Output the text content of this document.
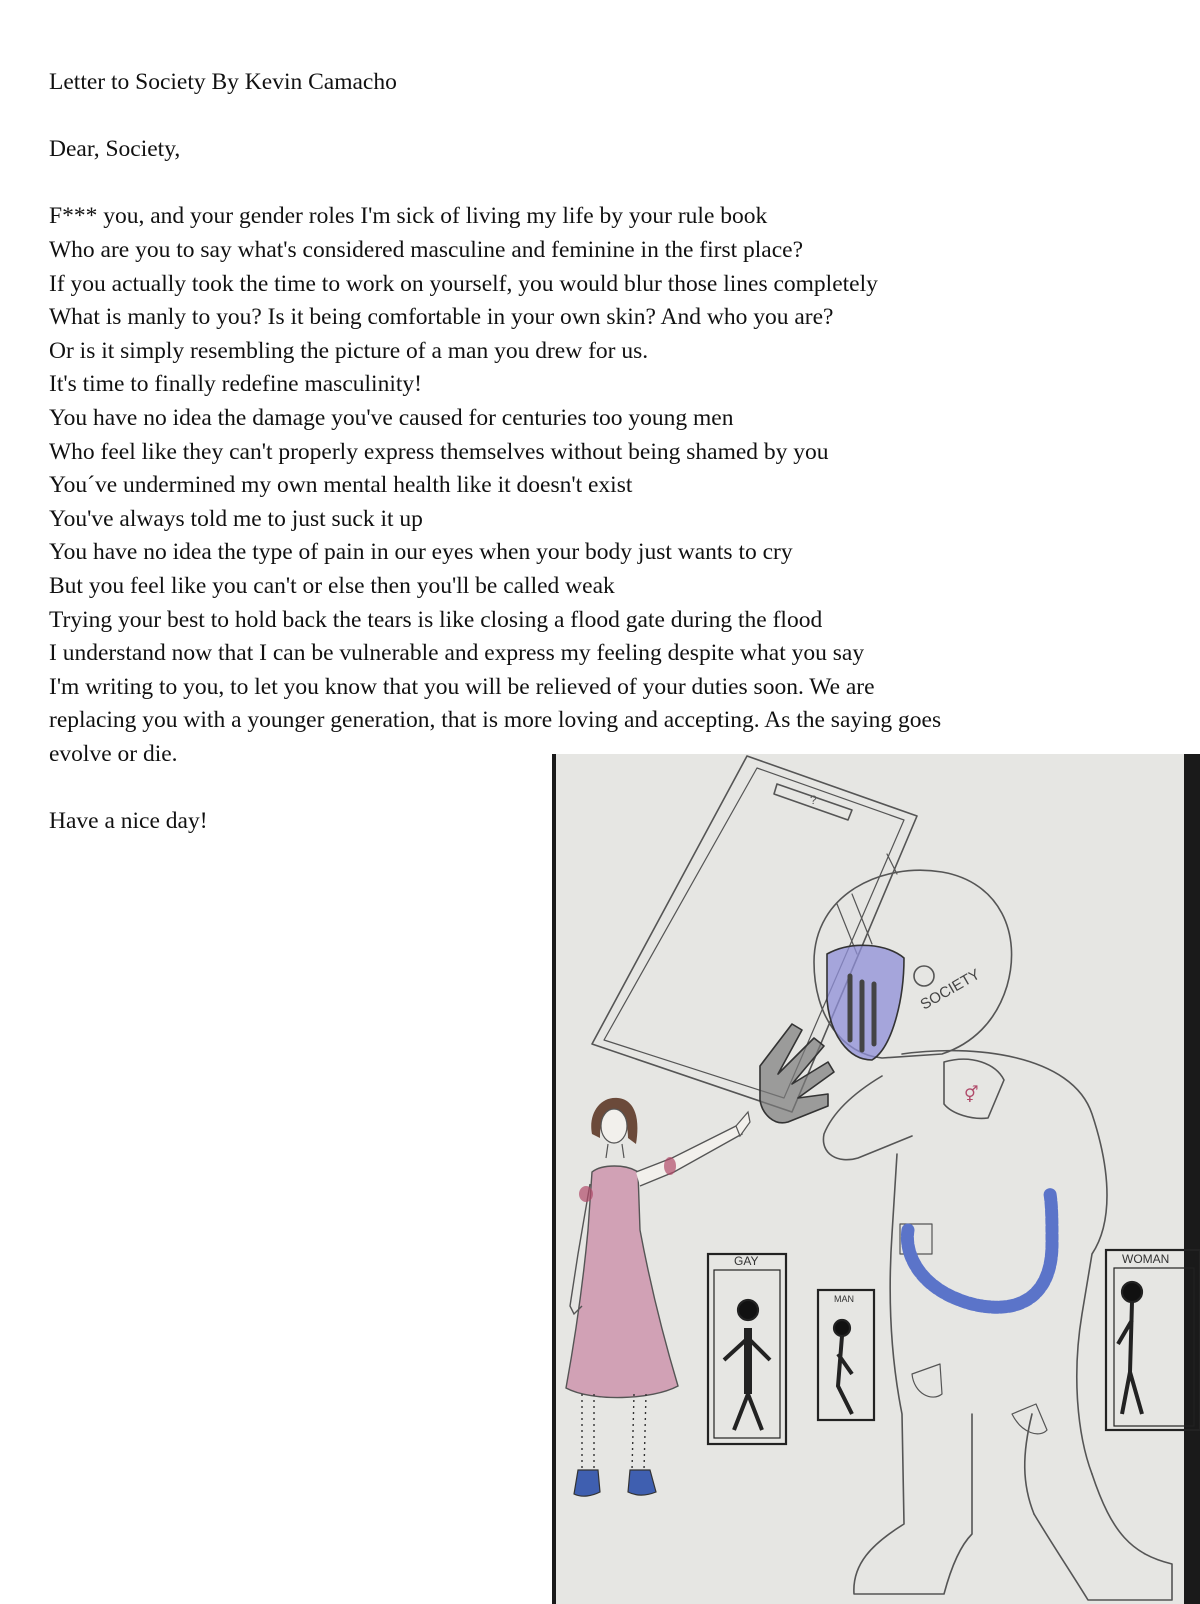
Letter to Society By Kevin Camacho

Dear, Society,

F*** you, and your gender roles I'm sick of living my life by your rule book
Who are you to say what's considered masculine and feminine in the first place?
If you actually took the time to work on yourself, you would blur those lines completely
What is manly to you? Is it being comfortable in your own skin? And who you are?
Or is it simply resembling the picture of a man you drew for us.
It's time to finally redefine masculinity!
You have no idea the damage you've caused for centuries too young men
Who feel like they can't properly express themselves without being shamed by you
You´ve undermined my own mental health like it doesn't exist
You've always told me to just suck it up
You have no idea the type of pain in our eyes when your body just wants to cry
But you feel like you can't or else then you'll be called weak
Trying your best to hold back the tears is like closing a flood gate during the flood
I understand now that I can be vulnerable and express my feeling despite what you say
I'm writing to you, to let you know that you will be relieved of your duties soon. We are
replacing you with a younger generation, that is more loving and accepting. As the saying goes
evolve or die.

Have a nice day!

SOCIETY
?
⚥
GAY
MAN
WOMAN
